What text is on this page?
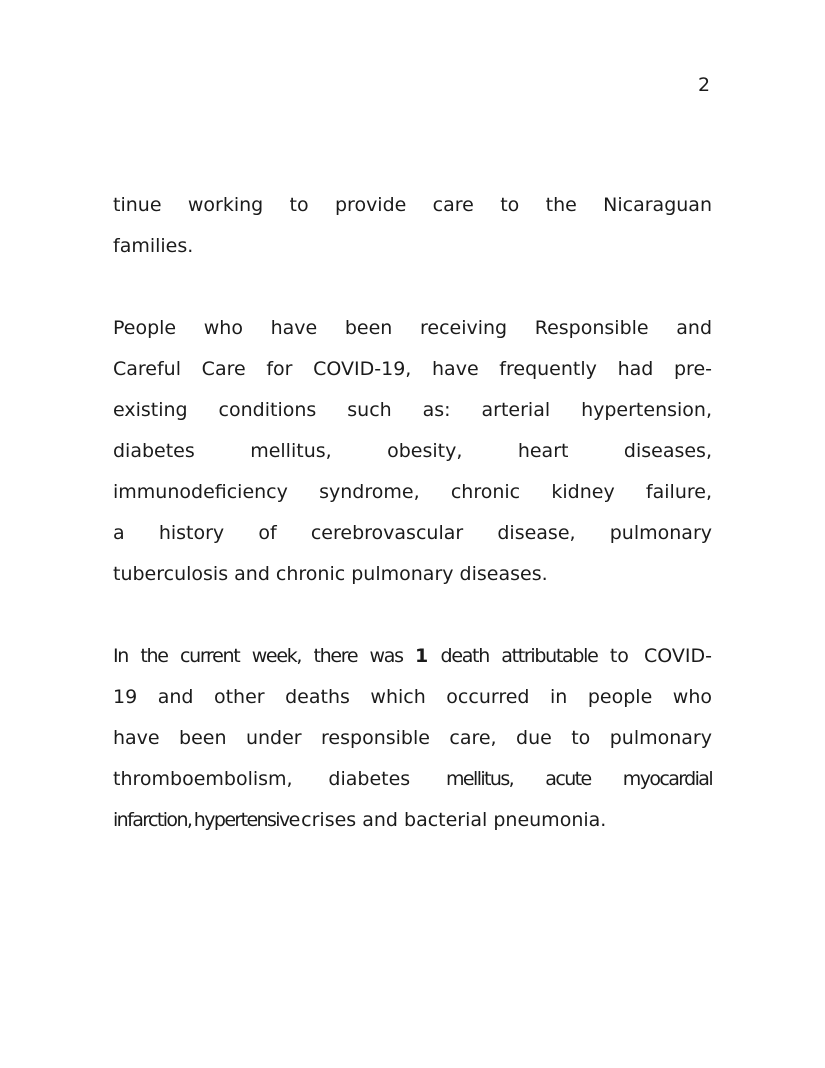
2
tinue working to provide care to the Nicaraguan
families.
People who have been receiving Responsible and
Careful Care for COVID-19, have frequently had pre-
existing conditions such as: arterial hypertension,
diabetes mellitus, obesity, heart diseases,
immunodeficiency syndrome, chronic kidney failure,
a history of cerebrovascular disease, pulmonary
tuberculosis and chronic pulmonary diseases.
In the current week, there was 1 death attributable to COVID-
19 and other deaths which occurred in people who
have been under responsible care, due to pulmonary
thromboembolism, diabetes mellitus, acute myocardial
infarction, hypertensive crises and bacterial pneumonia.
